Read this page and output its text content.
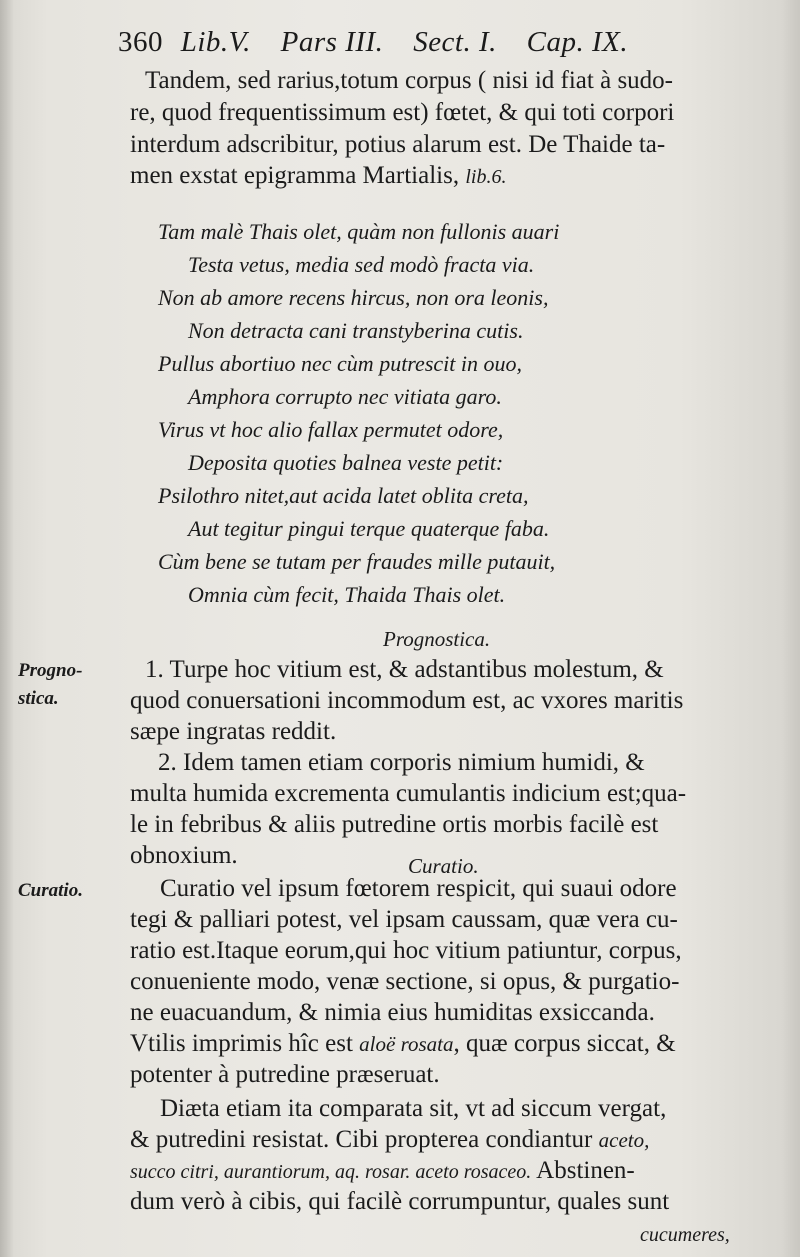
360 Lib.V. Pars III. Sect. I. Cap. IX.
Tandem, sed rarius,totum corpus ( nisi id fiat à sudo-
re, quod frequentissimum est) fœtet, & qui toti corpori
interdum adscribitur, potius alarum est. De Thaide ta-
men exstat epigramma Martialis, lib.6.
Tam malè Thais olet, quàm non fullonis auari
Testa vetus, media sed modò fracta via.
Non ab amore recens hircus, non ora leonis,
Non detracta cani transtyberina cutis.
Pullus abortiuo nec cùm putrescit in ouo,
Amphora corrupto nec vitiata garo.
Virus vt hoc alio fallax permutet odore,
Deposita quoties balnea veste petit:
Psilothro nitet,aut acida latet oblita creta,
Aut tegitur pingui terque quaterque faba.
Cùm bene se tutam per fraudes mille putauit,
Omnia cùm fecit, Thaida Thais olet.
Prognostica.
Progno-
stica.
1. Turpe hoc vitium est, & adstantibus molestum, &
quod conuersationi incommodum est, ac vxores maritis
sæpe ingratas reddit.
2. Idem tamen etiam corporis nimium humidi, &
multa humida excrementa cumulantis indicium est;qua-
le in febribus & aliis putredine ortis morbis facilè est
obnoxium.	Curatio.
Curatio.	Curatio vel ipsum fœtorem respicit, qui suaui odore
tegi & palliari potest, vel ipsam caussam, quæ vera cu-
ratio est.Itaque eorum,qui hoc vitium patiuntur, corpus,
conueniente modo, venæ sectione, si opus, & purgatio-
ne euacuandum, & nimia eius humiditas exsiccanda.
Vtilis imprimis hîc est aloë rosata, quæ corpus siccat, &
potenter à putredine præseruat.
Diæta etiam ita comparata sit, vt ad siccum vergat,
& putredini resistat. Cibi propterea condiantur aceto,
succo citri, aurantiorum, aq. rosar. aceto rosaceo. Abstinen-
dum verò à cibis, qui facilè corrumpuntur, quales sunt
cucumeres,
